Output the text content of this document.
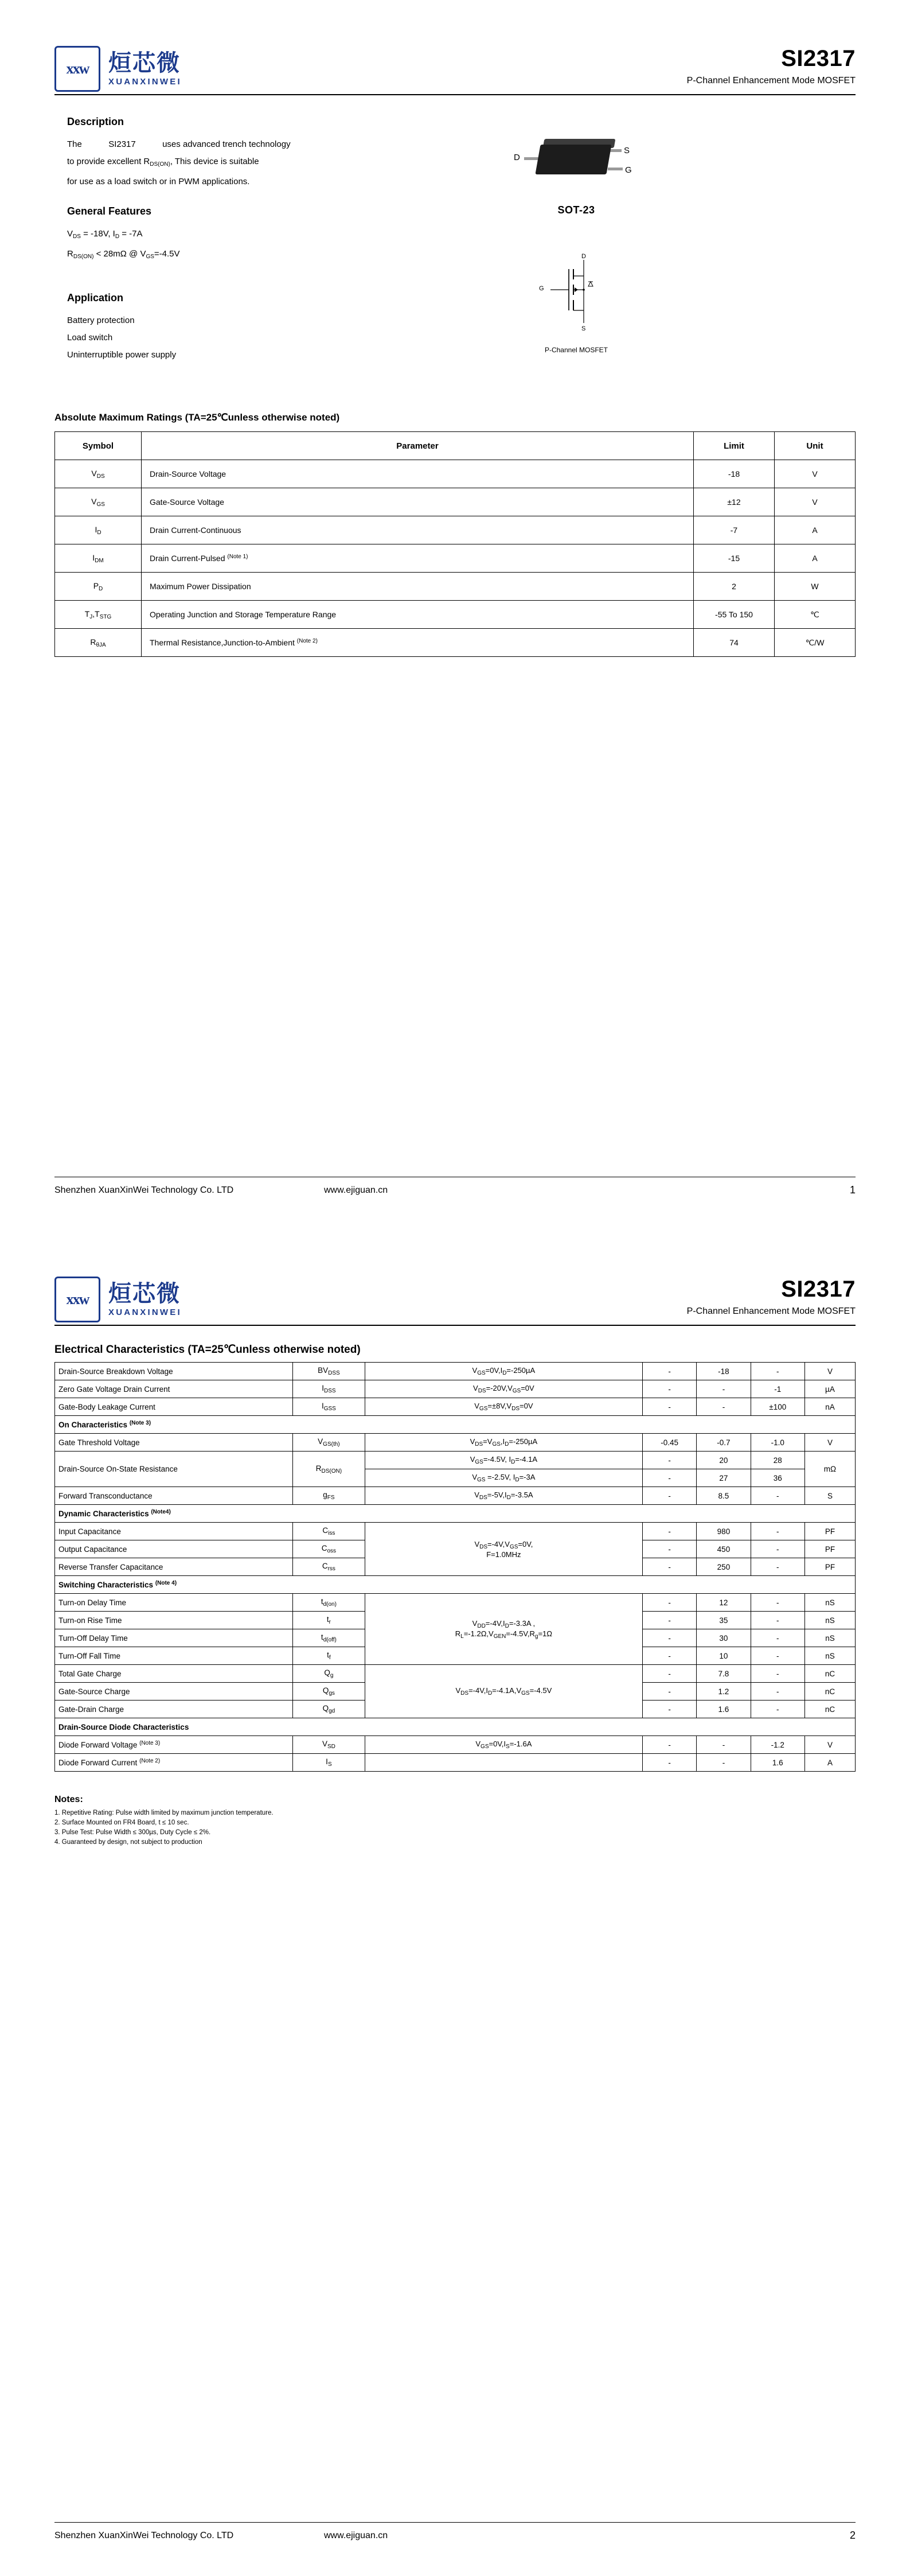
xxw 烜芯微
XUANXINWEI
SI2317
P-Channel Enhancement Mode MOSFET
Description

The	SI2317	uses advanced trench technology

to provide excellent $R_{DS(ON)}$, This device is suitable

for use as a load switch or in PWM applications.

General Features

$V_{DS} = -18V$, $I_D = -7A$

$R_{DS(ON)} < 28m\Omega$ @ $V_{GS}=-4.5V$

Application

Battery protection

Load switch

Uninterruptible power supply

D
S
G
SOT-23
D
G
S
P-Channel MOSFET
Absolute Maximum Ratings (TA=25℃unless otherwise noted)
Symbol	Parameter	Limit	Unit
$V_{DS}$	Drain-Source Voltage	-18	V
$V_{GS}$	Gate-Source Voltage	±12	V
$I_D$	Drain Current-Continuous	-7	A
$I_{DM}$	Drain Current-Pulsed $^{(Note 1)}$	-15	A
$P_D$	Maximum Power Dissipation	2	W
$T_J,T_{STG}$	Operating Junction and Storage Temperature Range	-55 To 150	℃
$R_{\theta JA}$	Thermal Resistance,Junction-to-Ambient $^{(Note 2)}$	74	℃/W
Shenzhen XuanXinWei Technology Co. LTD	www.ejiguan.cn	1
xxw 烜芯微
XUANXINWEI
SI2317
P-Channel Enhancement Mode MOSFET
Electrical Characteristics (TA=25℃unless otherwise noted)
Drain-Source Breakdown Voltage	$BV_{DSS}$	$V_{GS}=0V,I_D=-250\mu A$	-	-18	-	V
Zero Gate Voltage Drain Current	$I_{DSS}$	$V_{DS}=-20V,V_{GS}=0V$	-	-	-1	µA
Gate-Body Leakage Current	$I_{GSS}$	$V_{GS}=\pm 8V,V_{DS}=0V$	-	-	±100	nA
On Characteristics $^{(Note 3)}$
Gate Threshold Voltage	$V_{GS(th)}$	$V_{DS}=V_{GS},I_D=-250\mu A$	-0.45	-0.7	-1.0	V
Drain-Source On-State Resistance	$R_{DS(ON)}$	$V_{GS}=-4.5V$, $I_D=-4.1A$	-	20	28	mΩ
		$V_{GS} =-2.5V$, $I_D=-3A$	-	27	36	
Forward Transconductance	$g_{FS}$	$V_{DS}=-5V,I_D=-3.5A$	-	8.5	-	S
Dynamic Characteristics $^{(Note4)}$
Input Capacitance	$C_{iss}$	$V_{DS}=-4V,V_{GS}=0V$,
F=1.0MHz	-	980	-	PF
Output Capacitance	$C_{oss}$		-	450	-	PF
Reverse Transfer Capacitance	$C_{rss}$		-	250	-	PF
Switching Characteristics $^{(Note 4)}$
Turn-on Delay Time	$t_{d(on)}$	$V_{DD}=-4V,I_D=-3.3A$ ,
$R_L=-1.2\Omega,V_{GEN}=-4.5V,R_g=1\Omega$	-	12	-	nS
Turn-on Rise Time	$t_r$		-	35	-	nS
Turn-Off Delay Time	$t_{d(off)}$		-	30	-	nS
Turn-Off Fall Time	$t_f$		-	10	-	nS
Total Gate Charge	$Q_g$	$V_{DS}=-4V,I_D=-4.1A,V_{GS}=-4.5V$	-	7.8	-	nC
Gate-Source Charge	$Q_{gs}$		-	1.2	-	nC
Gate-Drain Charge	$Q_{gd}$		-	1.6	-	nC
Drain-Source Diode Characteristics						
Diode Forward Voltage $^{(Note 3)}$	$V_{SD}$	$V_{GS}=0V,I_S=-1.6A$	-	-	-1.2	V
Diode Forward Current $^{(Note 2)}$	$I_S$		-	-	1.6	A
Notes:
1. Repetitive Rating: Pulse width limited by maximum junction temperature.
2. Surface Mounted on FR4 Board, t ≤ 10 sec.
3. Pulse Test: Pulse Width ≤ 300µs, Duty Cycle ≤ 2%.
4. Guaranteed by design, not subject to production
Shenzhen XuanXinWei Technology Co. LTD	www.ejiguan.cn	2
